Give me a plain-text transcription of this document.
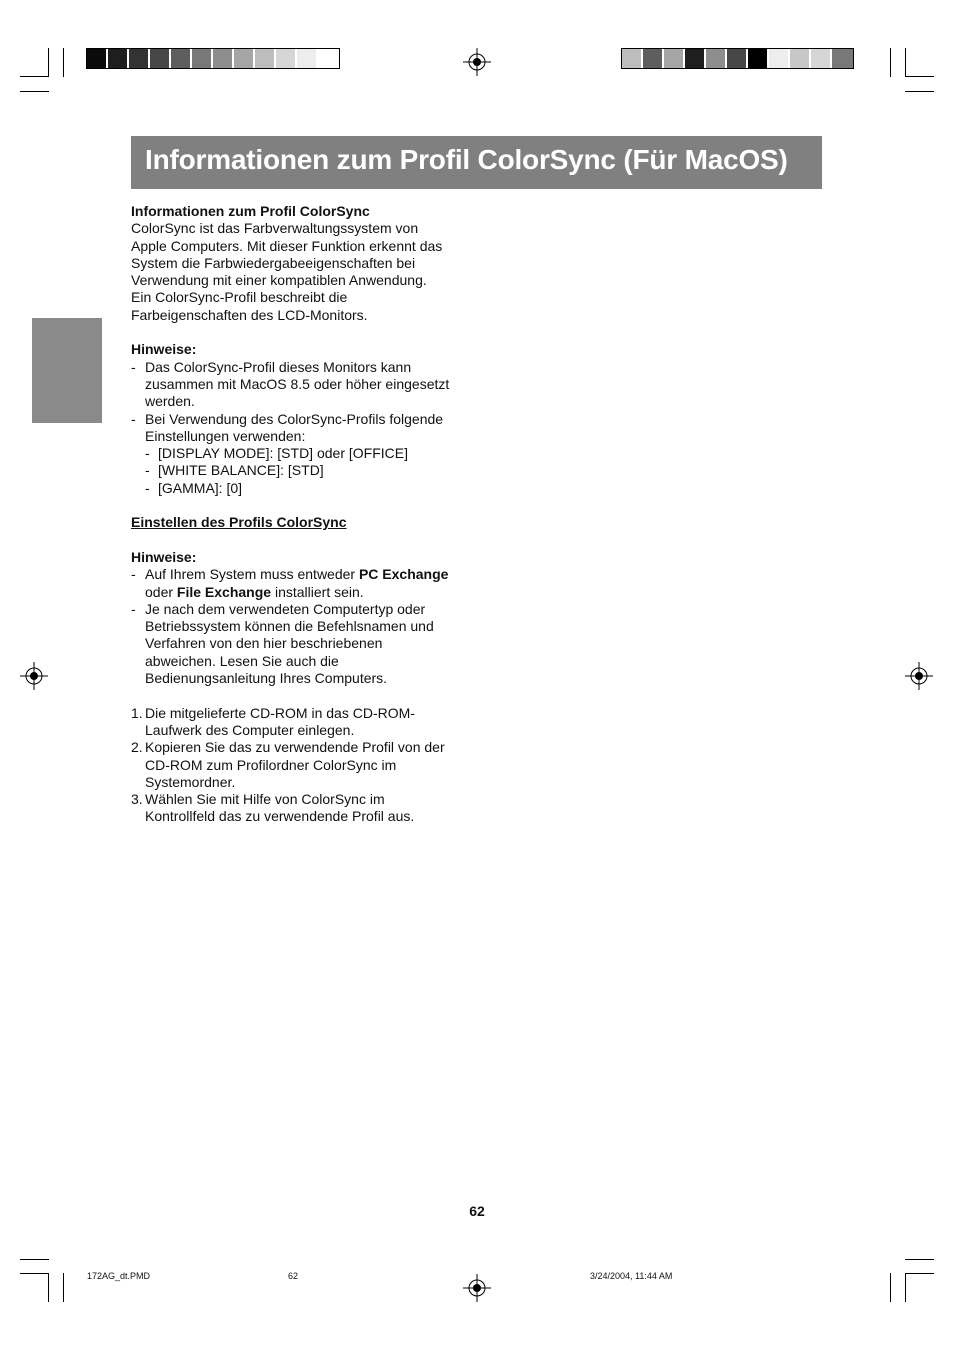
Informationen zum Profil ColorSync (Für MacOS)

Informationen zum Profil ColorSync

ColorSync ist das Farbverwaltungssystem von

Apple Computers. Mit dieser Funktion erkennt das

System die Farbwiedergabeeigenschaften bei

Verwendung mit einer kompatiblen Anwendung.

Ein ColorSync-Profil beschreibt die

Farbeigenschaften des LCD-Monitors.

Hinweise:

- Das ColorSync-Profil dieses Monitors kann

zusammen mit MacOS 8.5 oder höher eingesetzt

werden.

- Bei Verwendung des ColorSync-Profils folgende

Einstellungen verwenden:

- [DISPLAY MODE]: [STD] oder [OFFICE]

- [WHITE BALANCE]: [STD]

- [GAMMA]: [0]

Einstellen des Profils ColorSync

Hinweise:

- Auf Ihrem System muss entweder PC Exchange

oder File Exchange installiert sein.

- Je nach dem verwendeten Computertyp oder

Betriebssystem können die Befehlsnamen und

Verfahren von den hier beschriebenen

abweichen. Lesen Sie auch die

Bedienungsanleitung Ihres Computers.

1. Die mitgelieferte CD-ROM in das CD-ROM-

Laufwerk des Computer einlegen.

2. Kopieren Sie das zu verwendende Profil von der

CD-ROM zum Profilordner ColorSync im

Systemordner.

3. Wählen Sie mit Hilfe von ColorSync im

Kontrollfeld das zu verwendende Profil aus.

62
172AG_dt.PMD	62	3/24/2004, 11:44 AM
